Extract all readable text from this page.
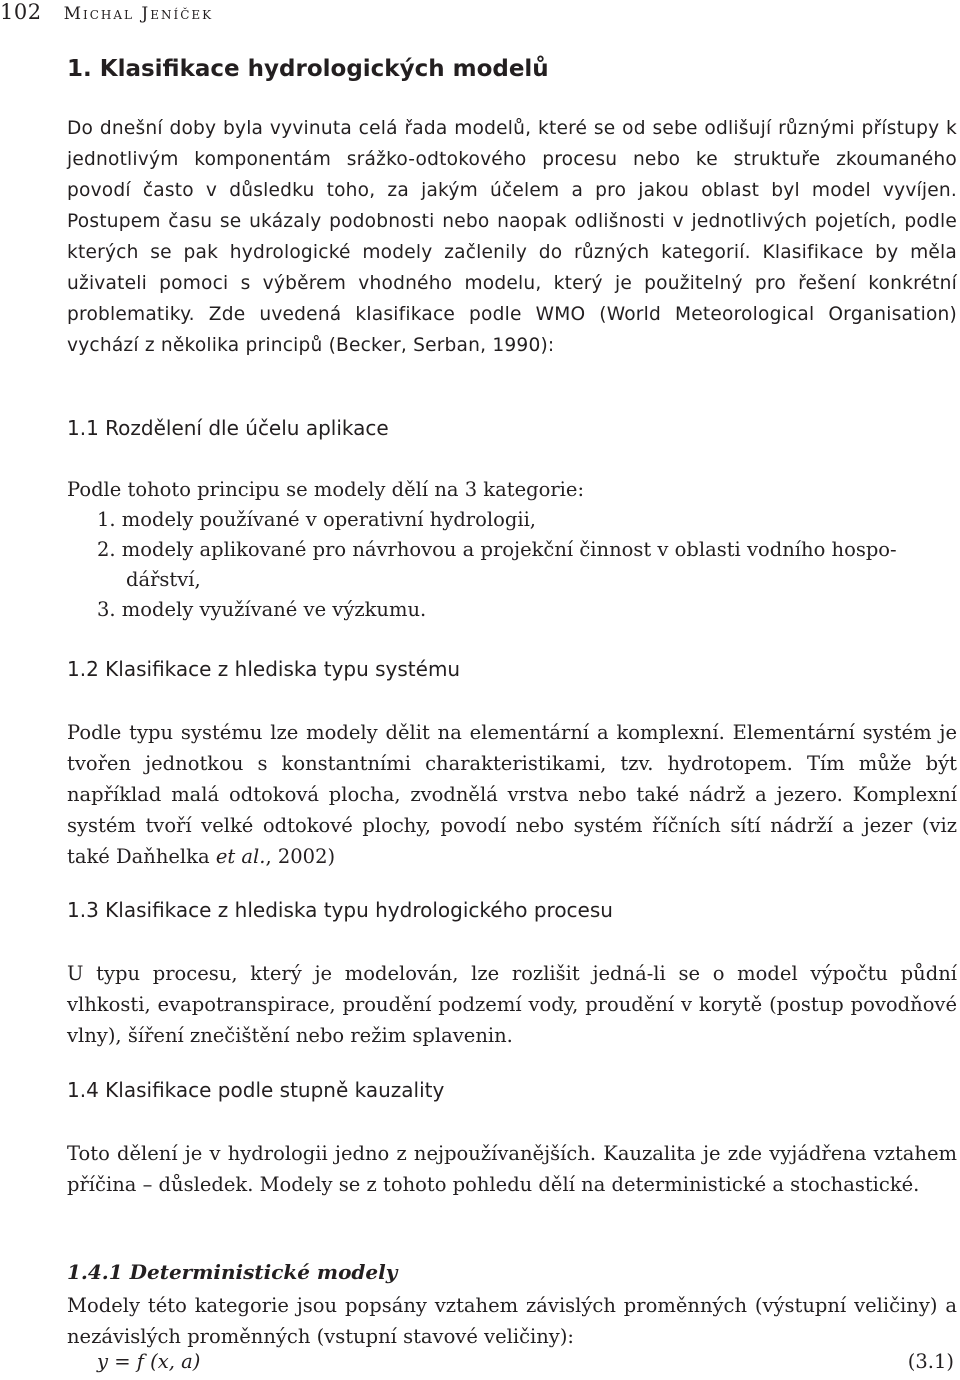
102 Michal Jeníček
1. Klasifikace hydrologických modelů

Do dnešní doby byla vyvinuta celá řada modelů, které se od sebe odlišují různými přístupy k jednotlivým komponentám srážko-odtokového procesu nebo ke struktuře zkoumaného povodí často v důsledku toho, za jakým účelem a pro jakou oblast byl model vyvíjen. Postupem času se ukázaly podobnosti nebo naopak odlišnosti v jednotlivých pojetích, podle kterých se pak hydrologické modely začlenily do různých kategorií. Klasifikace by měla uživateli pomoci s výběrem vhodného modelu, který je použitelný pro řešení konkrétní problematiky. Zde uvedená klasifikace podle WMO (World Meteorological Organisation) vychází z několika principů (Becker, Serban, 1990):

1.1 Rozdělení dle účelu aplikace

Podle tohoto principu se modely dělí na 3 kategorie:

1. modely používané v operativní hydrologii,

2. modely aplikované pro návrhovou a projekční činnost v oblasti vodního hospo-

dářství,

3. modely využívané ve výzkumu.

1.2 Klasifikace z hlediska typu systému

Podle typu systému lze modely dělit na elementární a komplexní. Elementární systém je tvořen jednotkou s konstantními charakteristikami, tzv. hydrotopem. Tím může být například malá odtoková plocha, zvodnělá vrstva nebo také nádrž a jezero. Komplexní systém tvoří velké odtokové plochy, povodí nebo systém říčních sítí nádrží a jezer (viz také Daňhelka et al., 2002)

1.3 Klasifikace z hlediska typu hydrologického procesu

U typu procesu, který je modelován, lze rozlišit jedná-li se o model výpočtu půdní vlhkosti, evapotranspirace, proudění podzemí vody, proudění v korytě (postup povodňové vlny), šíření znečištění nebo režim splavenin.

1.4 Klasifikace podle stupně kauzality

Toto dělení je v hydrologii jedno z nejpoužívanějších. Kauzalita je zde vyjádřena vztahem příčina – důsledek. Modely se z tohoto pohledu dělí na deterministické a stochastické.

1.4.1 Deterministické modely

Modely této kategorie jsou popsány vztahem závislých proměnných (výstupní veličiny) a nezávislých proměnných (vstupní stavové veličiny):

y = f (x, a)	(3.1)
